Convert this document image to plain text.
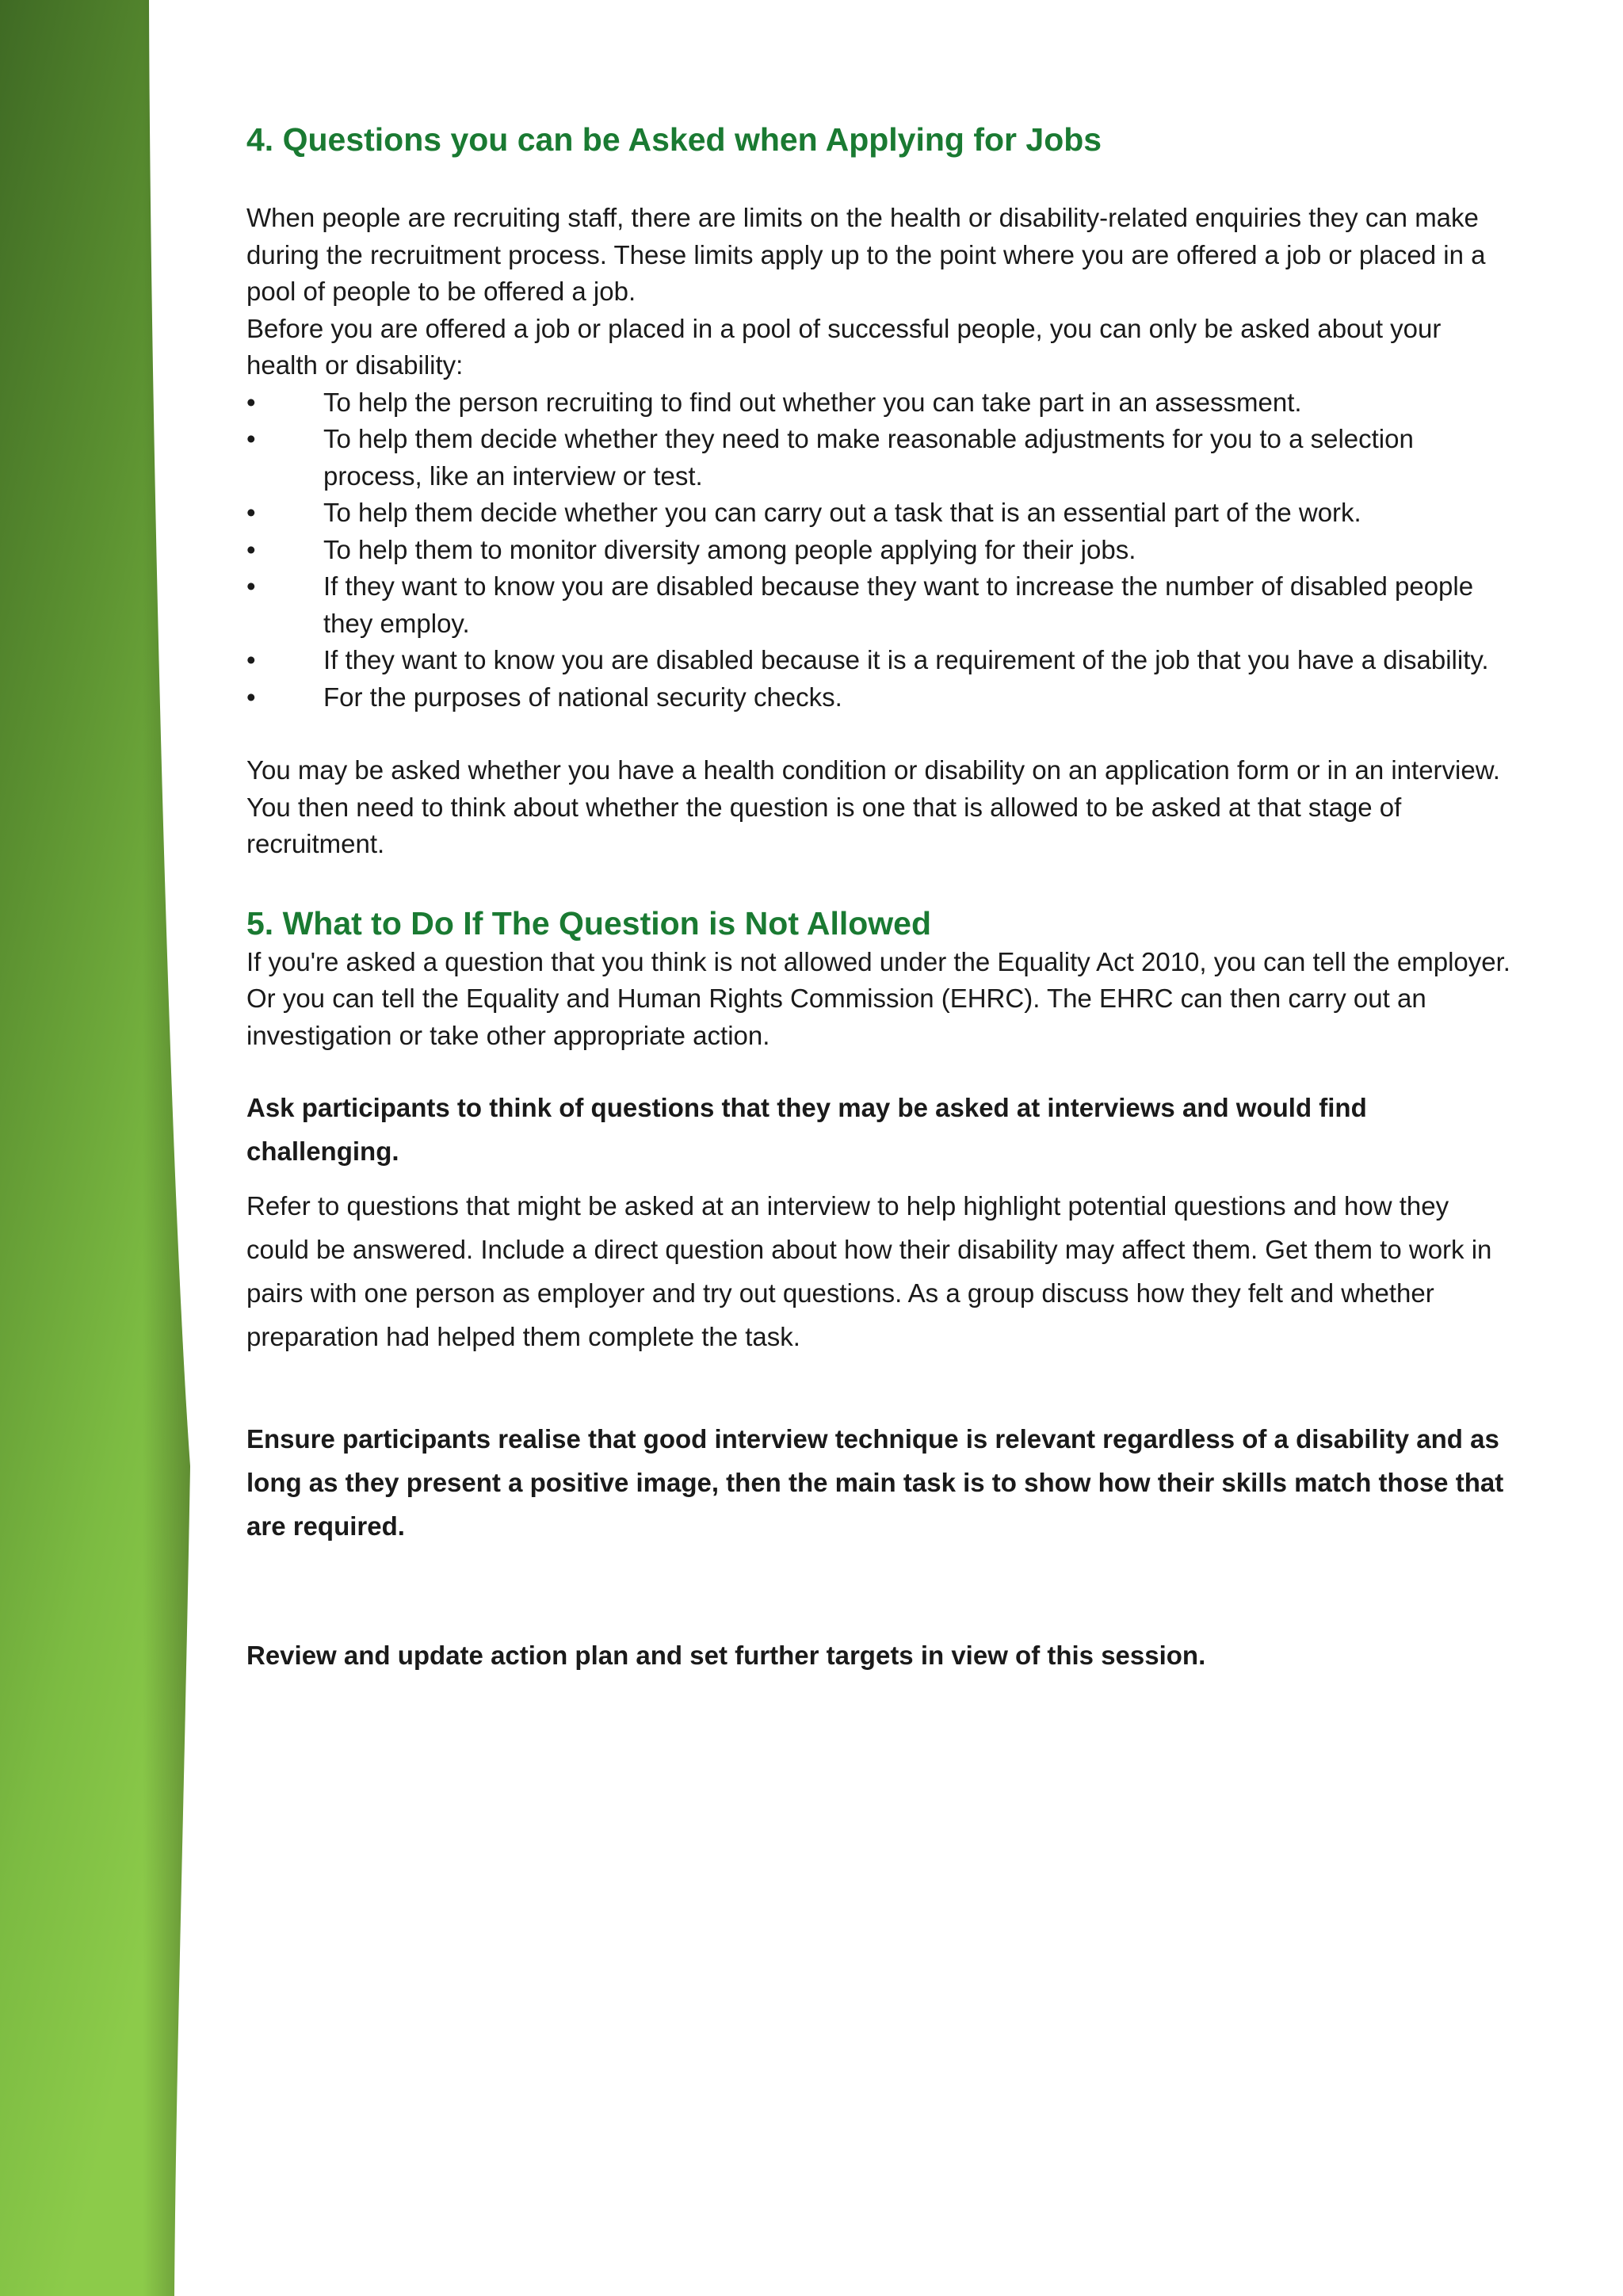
4. Questions you can be Asked when Applying for Jobs

When people are recruiting staff, there are limits on the health or disability-related enquiries they can make during the recruitment process. These limits apply up to the point where you are offered a job or placed in a pool of people to be offered a job.

Before you are offered a job or placed in a pool of successful people, you can only be asked about your health or disability:

• To help the person recruiting to find out whether you can take part in an assessment.
• To help them decide whether they need to make reasonable adjustments for you to a selection process, like an interview or test.
• To help them decide whether you can carry out a task that is an essential part of the work.
• To help them to monitor diversity among people applying for their jobs.
• If they want to know you are disabled because they want to increase the number of disabled people they employ.
• If they want to know you are disabled because it is a requirement of the job that you have a disability.
• For the purposes of national security checks.

You may be asked whether you have a health condition or disability on an application form or in an interview. You then need to think about whether the question is one that is allowed to be asked at that stage of recruitment.

5. What to Do If The Question is Not Allowed

If you're asked a question that you think is not allowed under the Equality Act 2010, you can tell the employer. Or you can tell the Equality and Human Rights Commission (EHRC). The EHRC can then carry out an investigation or take other appropriate action.

Ask participants to think of questions that they may be asked at interviews and would find challenging.

Refer to questions that might be asked at an interview to help highlight potential questions and how they could be answered. Include a direct question about how their disability may affect them. Get them to work in pairs with one person as employer and try out questions. As a group discuss how they felt and whether preparation had helped them complete the task.

Ensure participants realise that good interview technique is relevant regardless of a disability and as long as they present a positive image, then the main task is to show how their skills match those that are required.

Review and update action plan and set further targets in view of this session.
